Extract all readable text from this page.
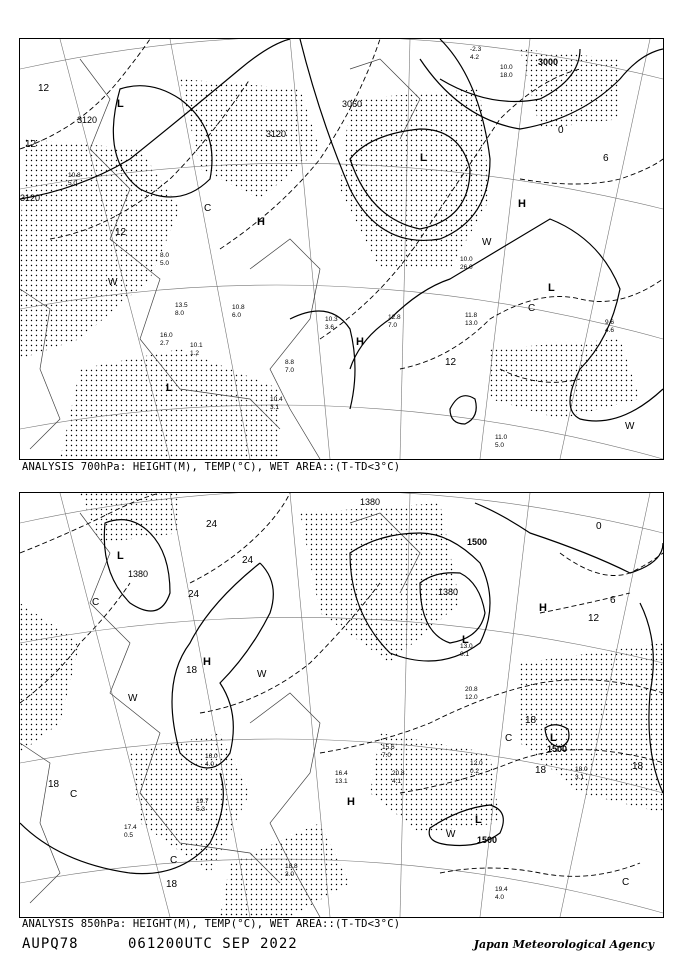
11.0
5.0
9.6
4.6
11.8
13.0
12.8
7.0
10.0
26.0
10.3
3.6
8.8
7.0
10.4
3.1
16.0
2.7	10.1
1.2
10.8
6.0
8.0
5.0
13.5
8.0
10.8
5.0
-2.3
4.2
10.0
18.0
3120
3120
3120
3000
3060
12
12
12
6
12
0
L
L
L
L
H
H
H
W
W
W
C
C
ANALYSIS 700hPa: HEIGHT(M), TEMP(°C), WET AREA::(T-TD<3°C)
19.4
4.0
18.0
3.1
16.4
13.1
15.6
7.0
20.8
4.1
17.4
0.5
19.7
5.3
18.8
3.0
12.0
0.2
20.8
12.0
13.0
0.1
16.0
4.0
1380
1380
1380
1500
1500
1500
24
24
24
18
18
18
12
18
18	18
6
0
L
L
L
L
H
H
H
W
W
W
C
C
C
C
C
ANALYSIS 850hPa: HEIGHT(M), TEMP(°C), WET AREA::(T-TD<3°C)
AUPQ78	061200UTC SEP 2022	Japan Meteorological Agency
